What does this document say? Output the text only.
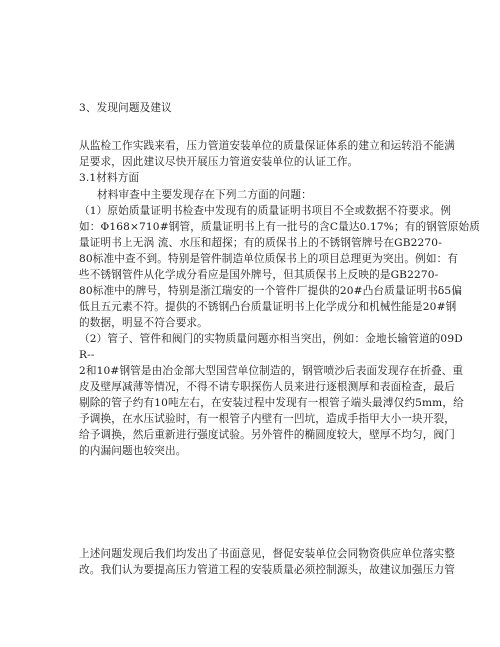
3、发现问题及建议
从监检工作实践来看，压力管道安装单位的质量保证体系的建立和运转沿不能满
足要求，因此建议尽快开展压力管道安装单位的认证工作。
3.1材料方面
材料审查中主要发现存在下列二方面的问题：
（1）原始质量证明书检查中发现有的质量证明书项目不全或数据不符要求。例
如：Φ168×710#钢管，质量证明书上有一批号的含C量达0.17%；有的钢管原始质
量证明书上无涡 流、水压和超探；有的质保书上的不锈钢管牌号在GB2270-
80标准中查不到。特别是管件制造单位质保书上的项目总理更为突出。例如：有
些不锈钢管件从化学成分看应是国外牌号，但其质保书上反映的是GB2270-
80标准中的牌号，特别是浙江瑞安的一个管件厂提供的20#凸台质量证明书δ5偏
低且五元素不符。提供的不锈钢凸台质量证明书上化学成分和机械性能是20#钢
的数据，明显不符合要求。
（2）管子、管件和阀门的实物质量问题亦相当突出，例如：金地长输管道的09D
R--
2和10#钢管是由冶金部大型国营单位制造的，钢管喷沙后表面发现存在折叠、重
皮及壁厚减薄等情况，不得不请专职探伤人员来进行逐根测厚和表面检查，最后
剔除的管子约有10吨左右，在安装过程中发现有一根管子端头最溥仅约5mm，给
予调换，在水压试验时，有一根管子内壁有一凹坑，造成手指甲大小一块开裂，
给予调换，然后重新进行强度试验。另外管件的椭圆度较大，壁厚不均匀，阀门
的内漏问题也较突出。
上述问题发现后我们均发出了书面意见，督促安装单位会同物资供应单位落实整
改。我们认为要提高压力管道工程的安装质量必须控制源头，故建议加强压力管
